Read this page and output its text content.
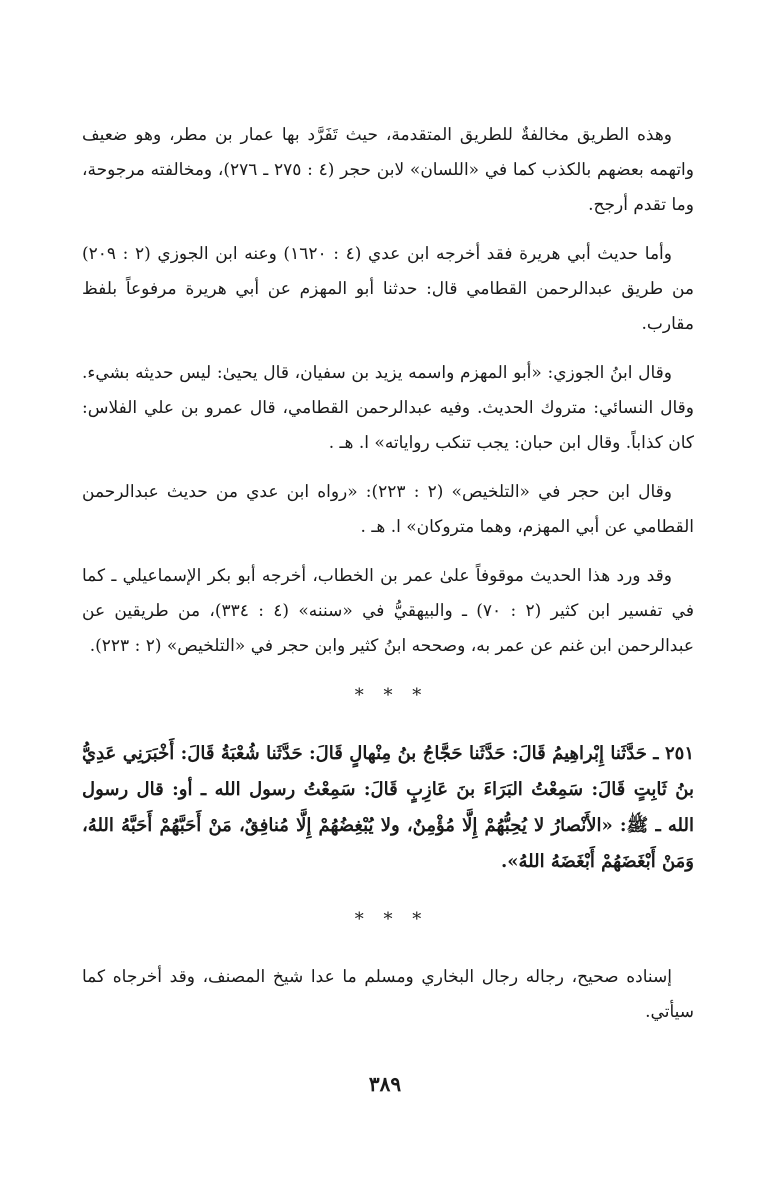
وهذه الطريق مخالفةٌ للطريق المتقدمة، حيث تَفَرَّد بها عمار بن مطر، وهو ضعيف واتهمه بعضهم بالكذب كما في «اللسان» لابن حجر (٤ : ٢٧٥ ـ ٢٧٦)، ومخالفته مرجوحة، وما تقدم أرجح.

وأما حديث أبي هريرة فقد أخرجه ابن عدي (٤ : ١٦٢٠) وعنه ابن الجوزي (٢ : ٢٠٩) من طريق عبدالرحمن القطامي قال: حدثنا أبو المهزم عن أبي هريرة مرفوعاً بلفظ مقارب.

وقال ابنُ الجوزي: «أبو المهزم واسمه يزيد بن سفيان، قال يحيىٰ: ليس حديثه بشيء. وقال النسائي: متروك الحديث. وفيه عبدالرحمن القطامي، قال عمرو بن علي الفلاس: كان كذاباً. وقال ابن حبان: يجب تنكب رواياته» ا. هـ .

وقال ابن حجر في «التلخيص» (٢ : ٢٢٣): «رواه ابن عدي من حديث عبدالرحمن القطامي عن أبي المهزم، وهما متروكان» ا. هـ .

وقد ورد هذا الحديث موقوفاً علىٰ عمر بن الخطاب، أخرجه أبو بكر الإسماعيلي ـ كما في تفسير ابن كثير (٢ : ٧٠) ـ والبيهقيُّ في «سننه» (٤ : ٣٣٤)، من طريقين عن عبدالرحمن ابن غنم عن عمر به، وصححه ابنُ كثير وابن حجر في «التلخيص» (٢ : ٢٢٣).

* * *

٢٥١ ـ حَدَّثَنا إِبْراهِيمُ قَالَ: حَدَّثَنا حَجَّاجُ بنُ مِنْهالٍ قَالَ: حَدَّثَنا شُعْبَةُ قَالَ: أَخْبَرَنِي عَدِيُّ بنُ ثَابِتٍ قَالَ: سَمِعْتُ البَرَاءَ بنَ عَازِبٍ قَالَ: سَمِعْتُ رسول الله ـ أو: قال رسول الله ـ ﷺ: «الأَنْصارُ لا يُحِبُّهُمْ إِلَّا مُؤْمِنٌ، ولا يُبْغِضُهُمْ إِلَّا مُنافِقٌ، مَنْ أَحَبَّهُمْ أَحَبَّهُ اللهُ، وَمَنْ أَبْغَضَهُمْ أَبْغَضَهُ اللهُ».

* * *

إسناده صحيح، رجاله رجال البخاري ومسلم ما عدا شيخ المصنف، وقد أخرجاه كما سيأتي.

٣٨٩
